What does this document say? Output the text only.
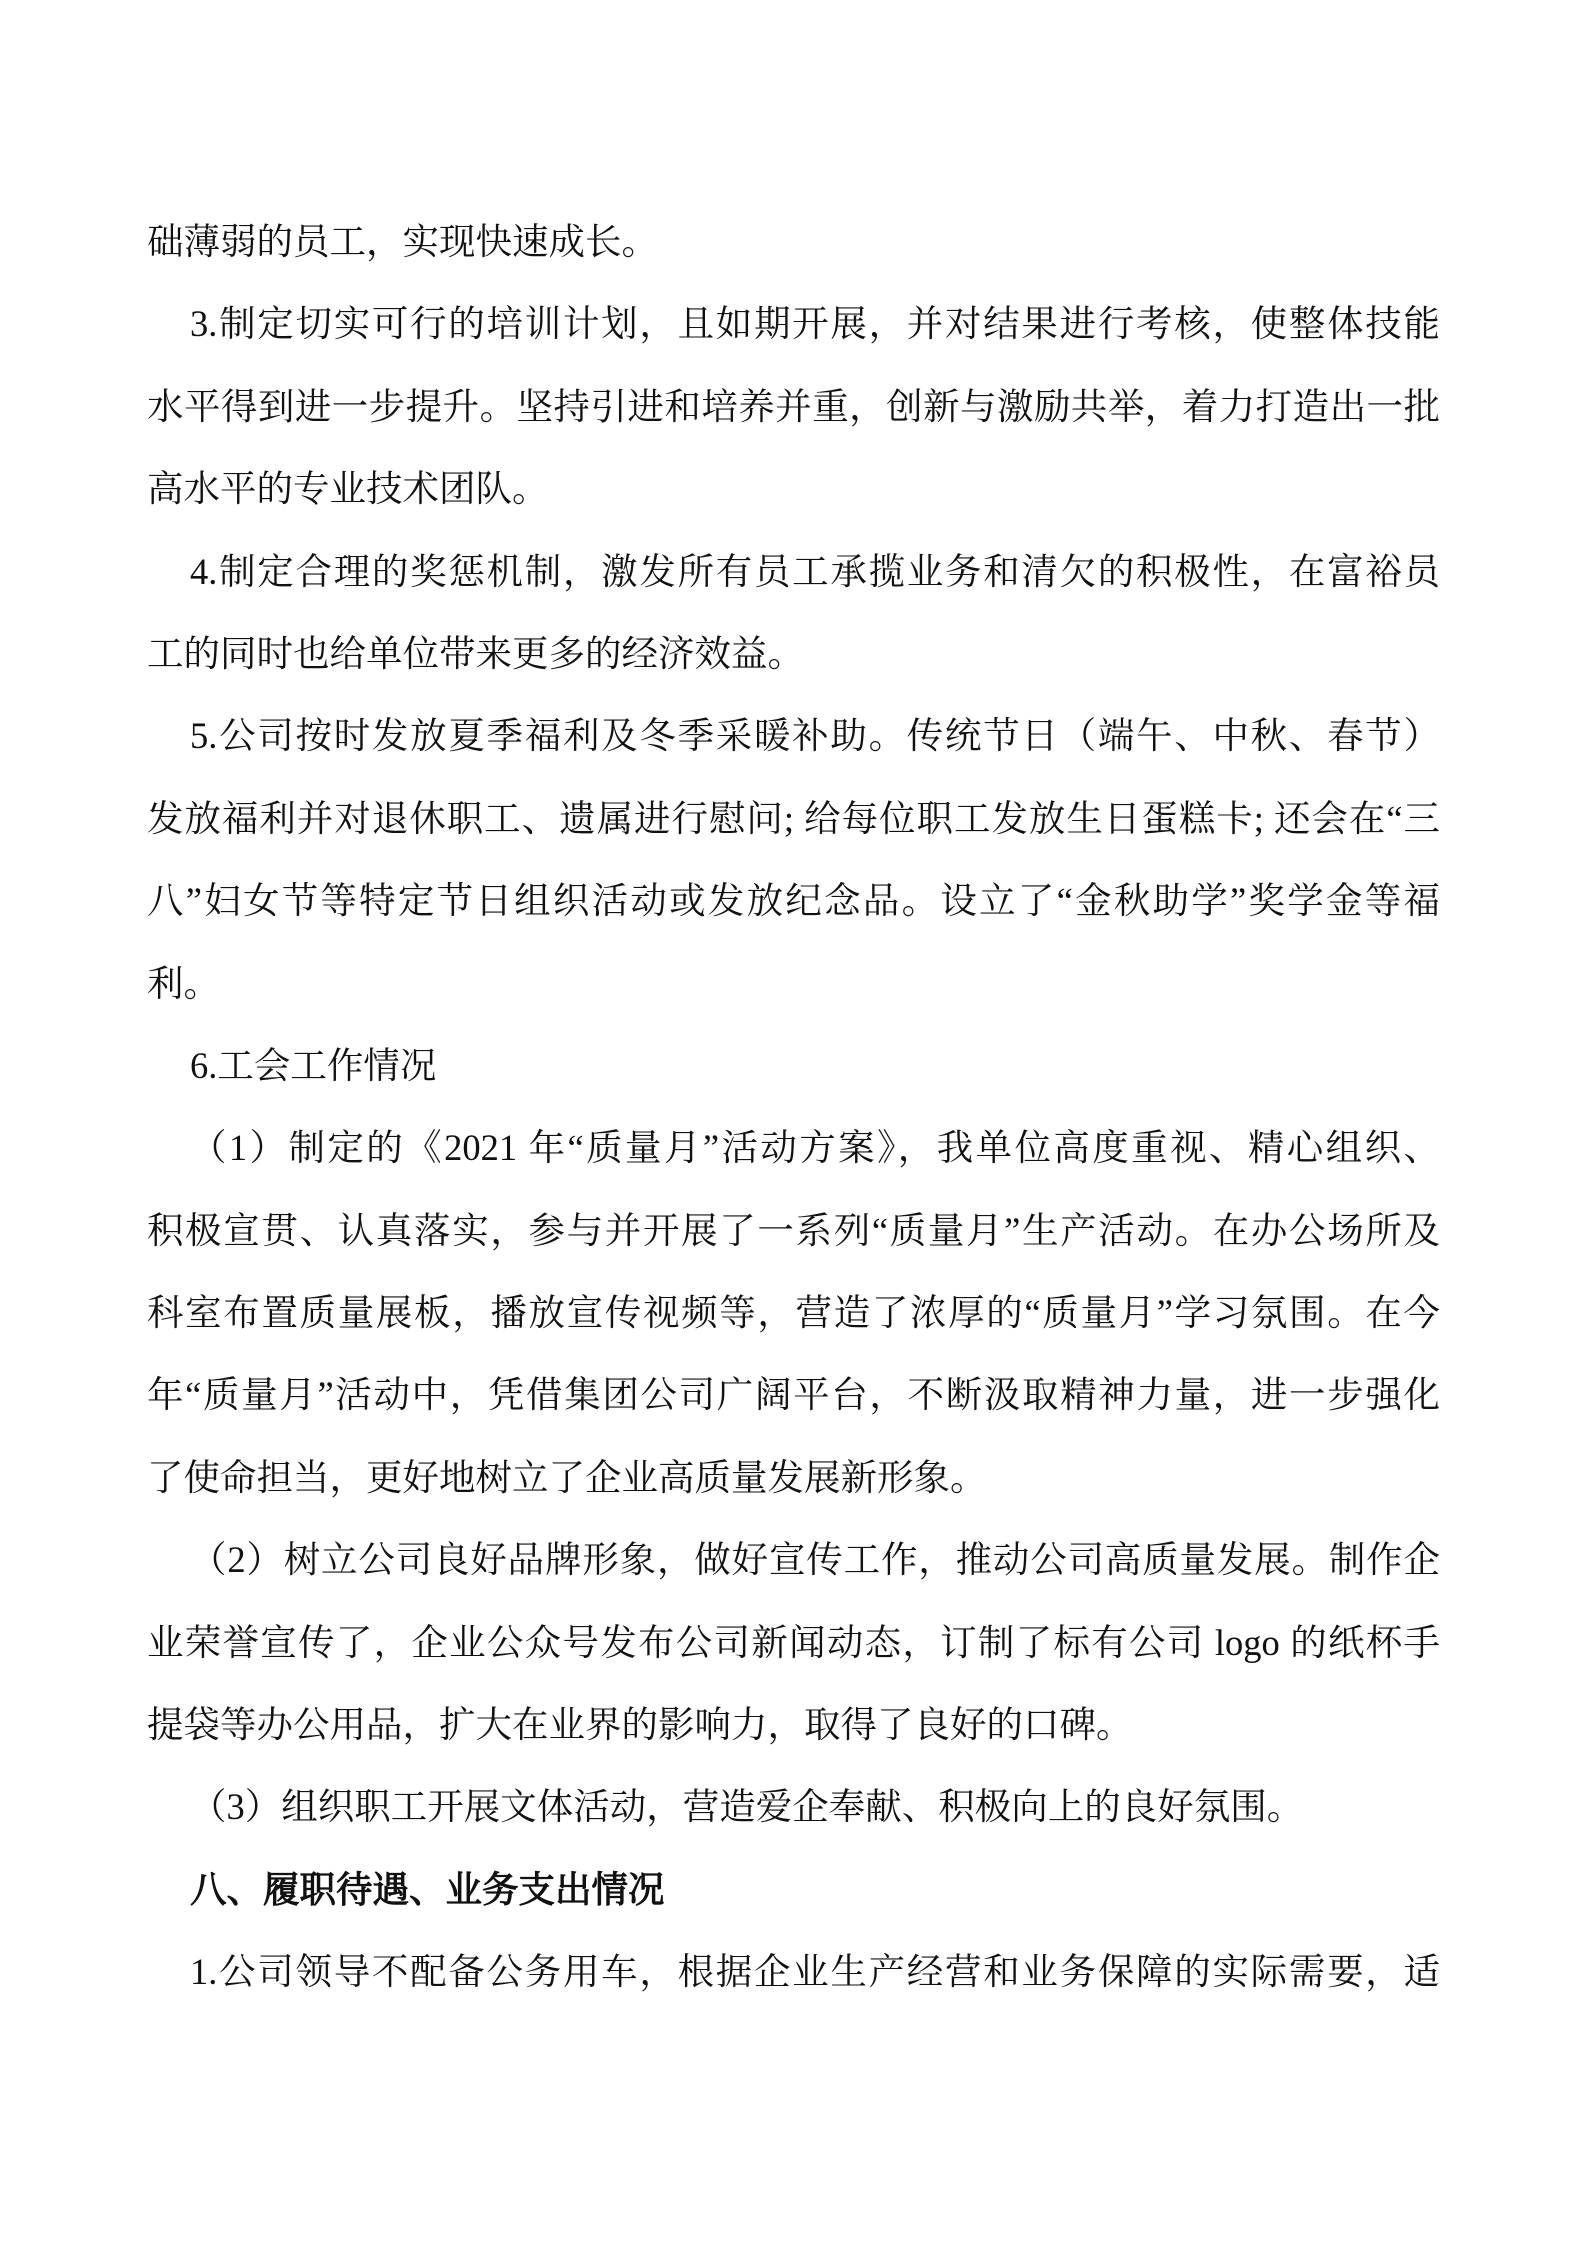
础薄弱的员工，实现快速成长。
3.制定切实可行的培训计划，且如期开展，并对结果进行考核，使整体技能
水平得到进一步提升。坚持引进和培养并重，创新与激励共举，着力打造出一批
高水平的专业技术团队。
4.制定合理的奖惩机制，激发所有员工承揽业务和清欠的积极性，在富裕员
工的同时也给单位带来更多的经济效益。
5.公司按时发放夏季福利及冬季采暖补助。传统节日（端午、中秋、春节）
发放福利并对退休职工、遗属进行慰问; 给每位职工发放生日蛋糕卡; 还会在“三
八”妇女节等特定节日组织活动或发放纪念品。设立了“金秋助学”奖学金等福
利。
6.工会工作情况
（1）制定的《2021 年“质量月”活动方案》，我单位高度重视、精心组织、
积极宣贯、认真落实，参与并开展了一系列“质量月”生产活动。在办公场所及
科室布置质量展板，播放宣传视频等，营造了浓厚的“质量月”学习氛围。在今
年“质量月”活动中，凭借集团公司广阔平台，不断汲取精神力量，进一步强化
了使命担当，更好地树立了企业高质量发展新形象。
（2）树立公司良好品牌形象，做好宣传工作，推动公司高质量发展。制作企
业荣誉宣传了，企业公众号发布公司新闻动态，订制了标有公司 logo 的纸杯手
提袋等办公用品，扩大在业界的影响力，取得了良好的口碑。
（3）组织职工开展文体活动，营造爱企奉献、积极向上的良好氛围。
八、履职待遇、业务支出情况
1.公司领导不配备公务用车，根据企业生产经营和业务保障的实际需要，适
